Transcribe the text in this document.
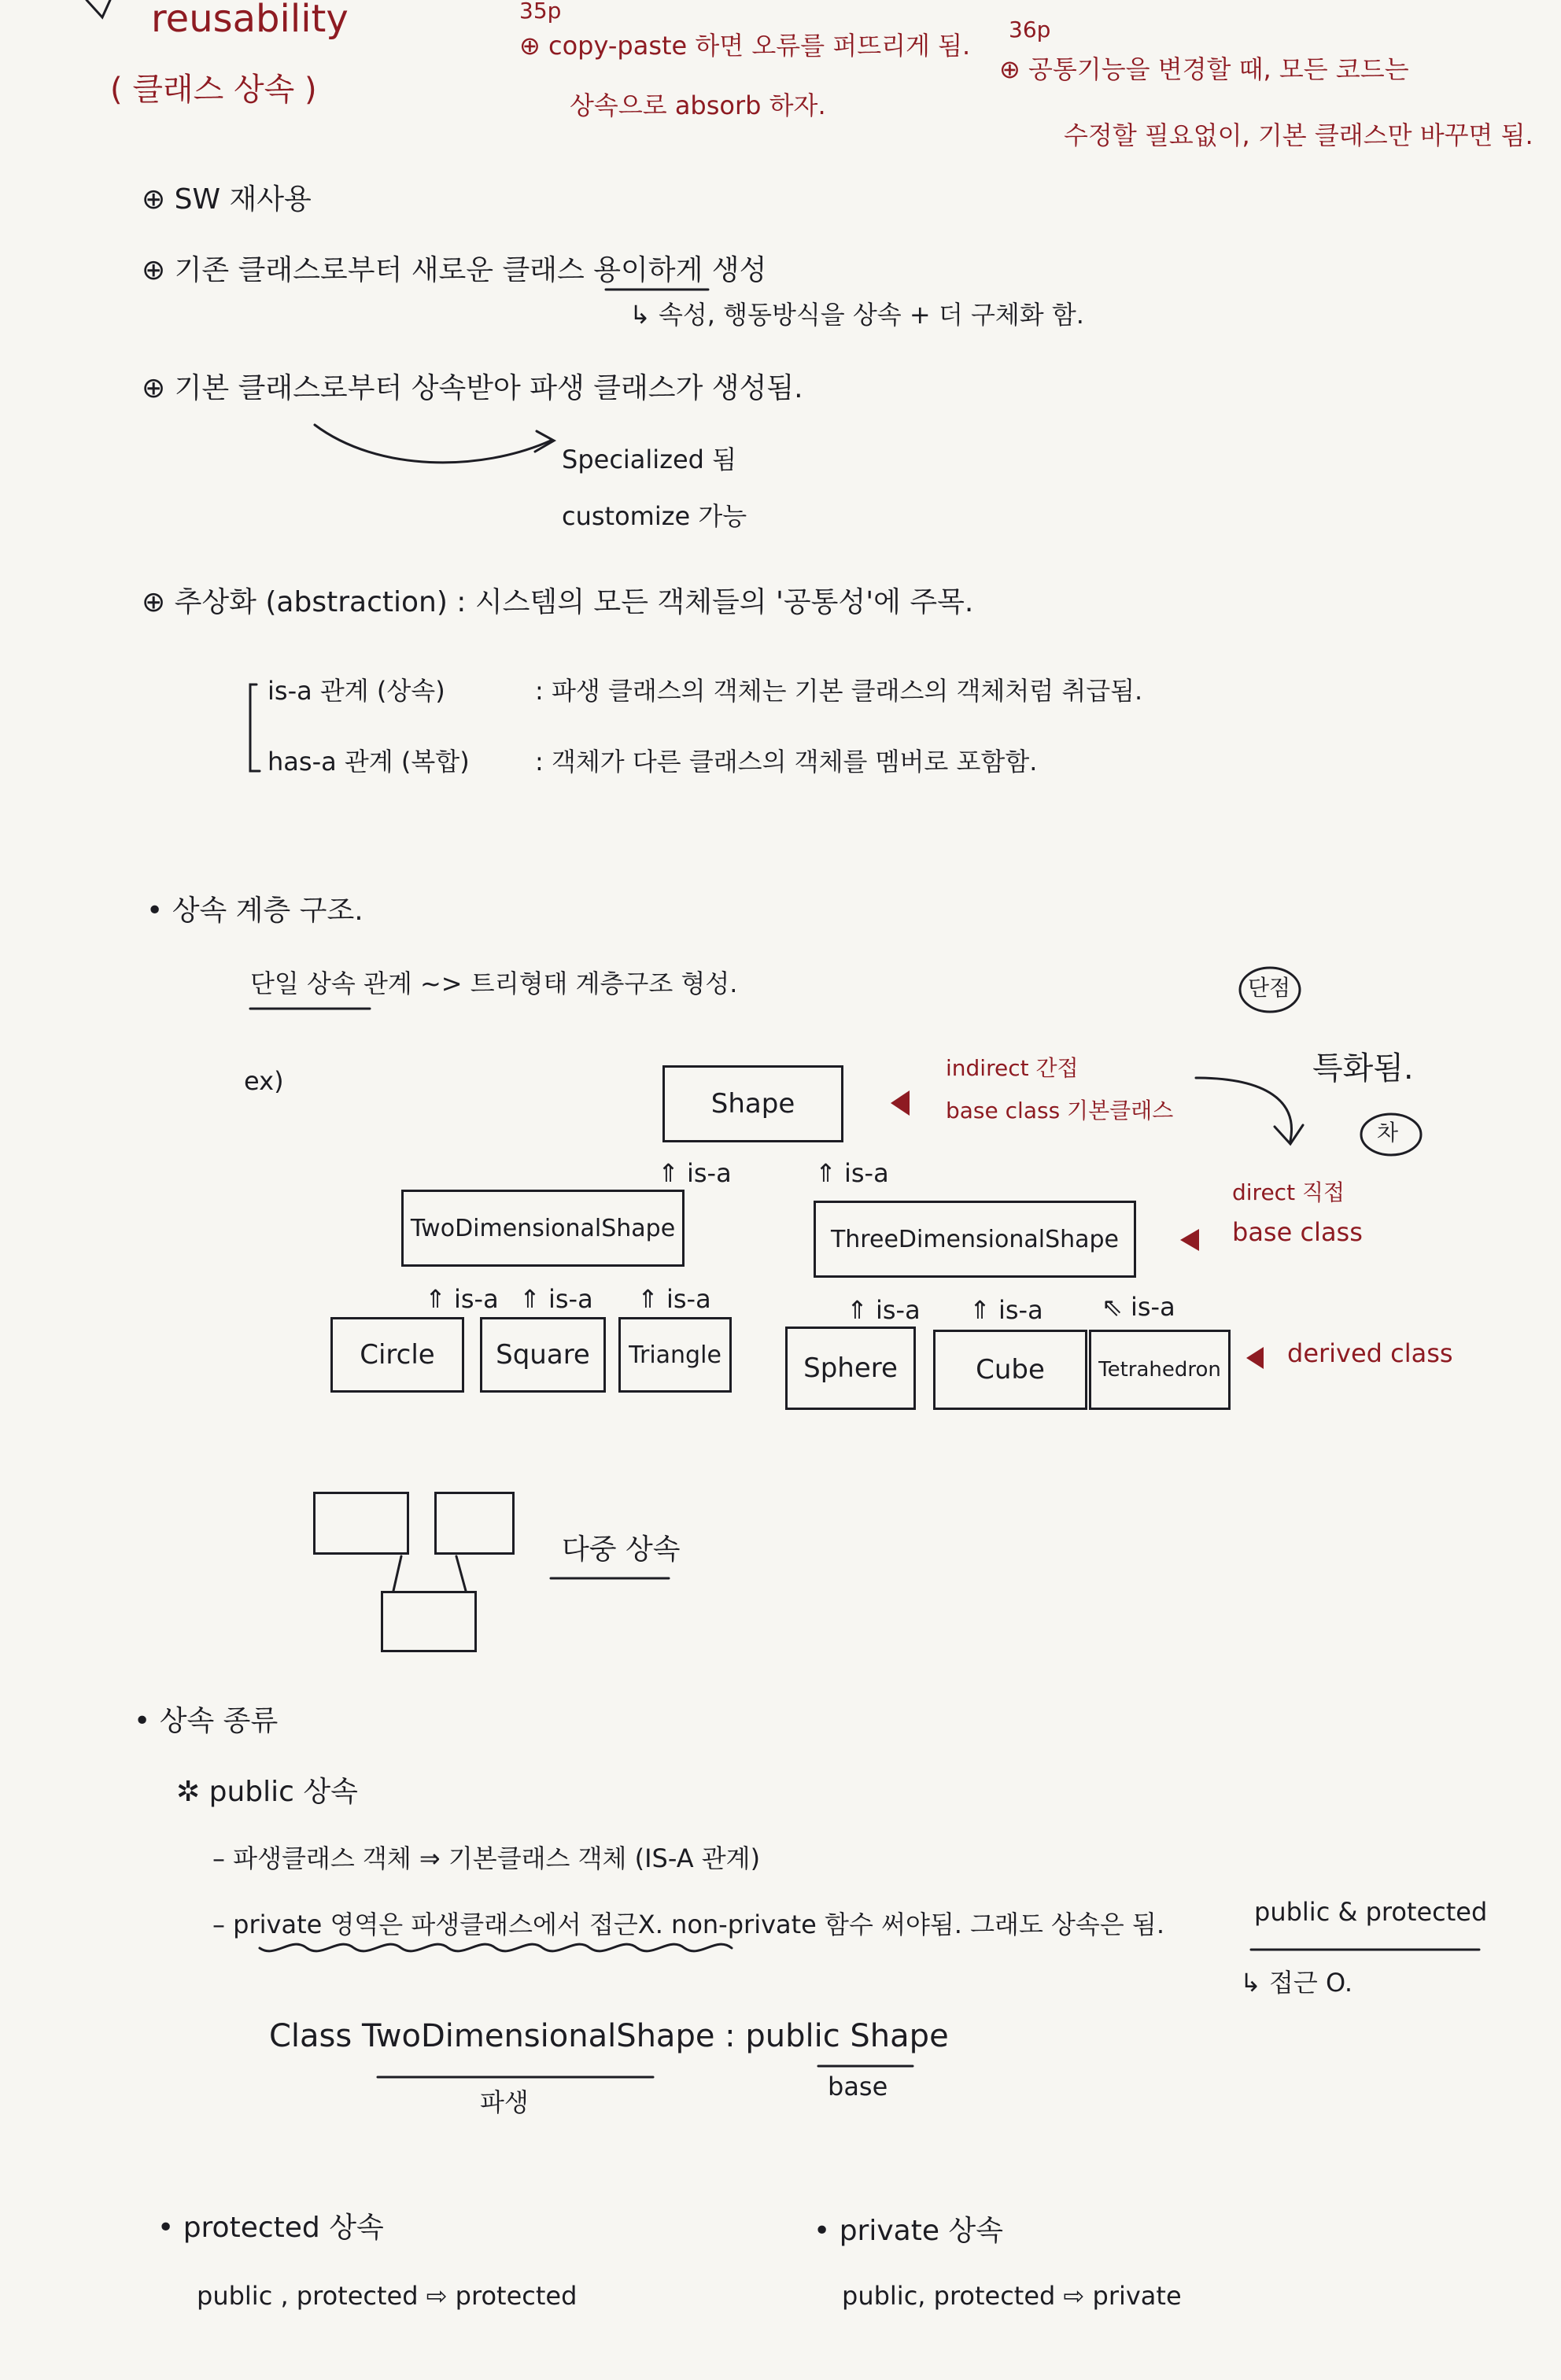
reusability
( 클래스 상속 )
35p
⊕ copy-paste 하면 오류를 퍼뜨리게 됨.
상속으로 absorb 하자.
36p
⊕ 공통기능을 변경할 때, 모든 코드는
수정할 필요없이, 기본 클래스만 바꾸면 됨.
⊕ SW 재사용
⊕ 기존 클래스로부터 새로운 클래스 용이하게 생성
↳ 속성, 행동방식을 상속 + 더 구체화 함.
⊕ 기본 클래스로부터 상속받아 파생 클래스가 생성됨.
Specialized 됨
customize 가능
⊕ 추상화 (abstraction) : 시스템의 모든 객체들의 '공통성'에 주목.
is-a 관계 (상속)	: 파생 클래스의 객체는 기본 클래스의 객체처럼 취급됨.
has-a 관계 (복합)	: 객체가 다른 클래스의 객체를 멤버로 포함함.
• 상속 계층 구조.
단일 상속 관계 ~> 트리형태 계층구조 형성.
ex)
단점
특화됨.
차
indirect 간접
base class 기본클래스
direct 직접
base class
derived class
Shape
TwoDimensionalShape	ThreeDimensionalShape
Circle Square Triangle	Sphere	Cube	Tetrahedron
⇑ is-a	⇑ is-a
⇑ is-a ⇑ is-a ⇑ is-a	⇑ is-a ⇑ is-a ⇖ is-a
다중 상속
• 상속 종류
✲ public 상속
– 파생클래스 객체 ⇒ 기본클래스 객체 (IS-A 관계)
– private 영역은 파생클래스에서 접근X. non-private 함수 써야됨. 그래도 상속은 됨.	public & protected
↳ 접근 O.
Class TwoDimensionalShape : public Shape
파생
base
• protected 상속
public , protected ⇨ protected
• private 상속
public, protected ⇨ private
